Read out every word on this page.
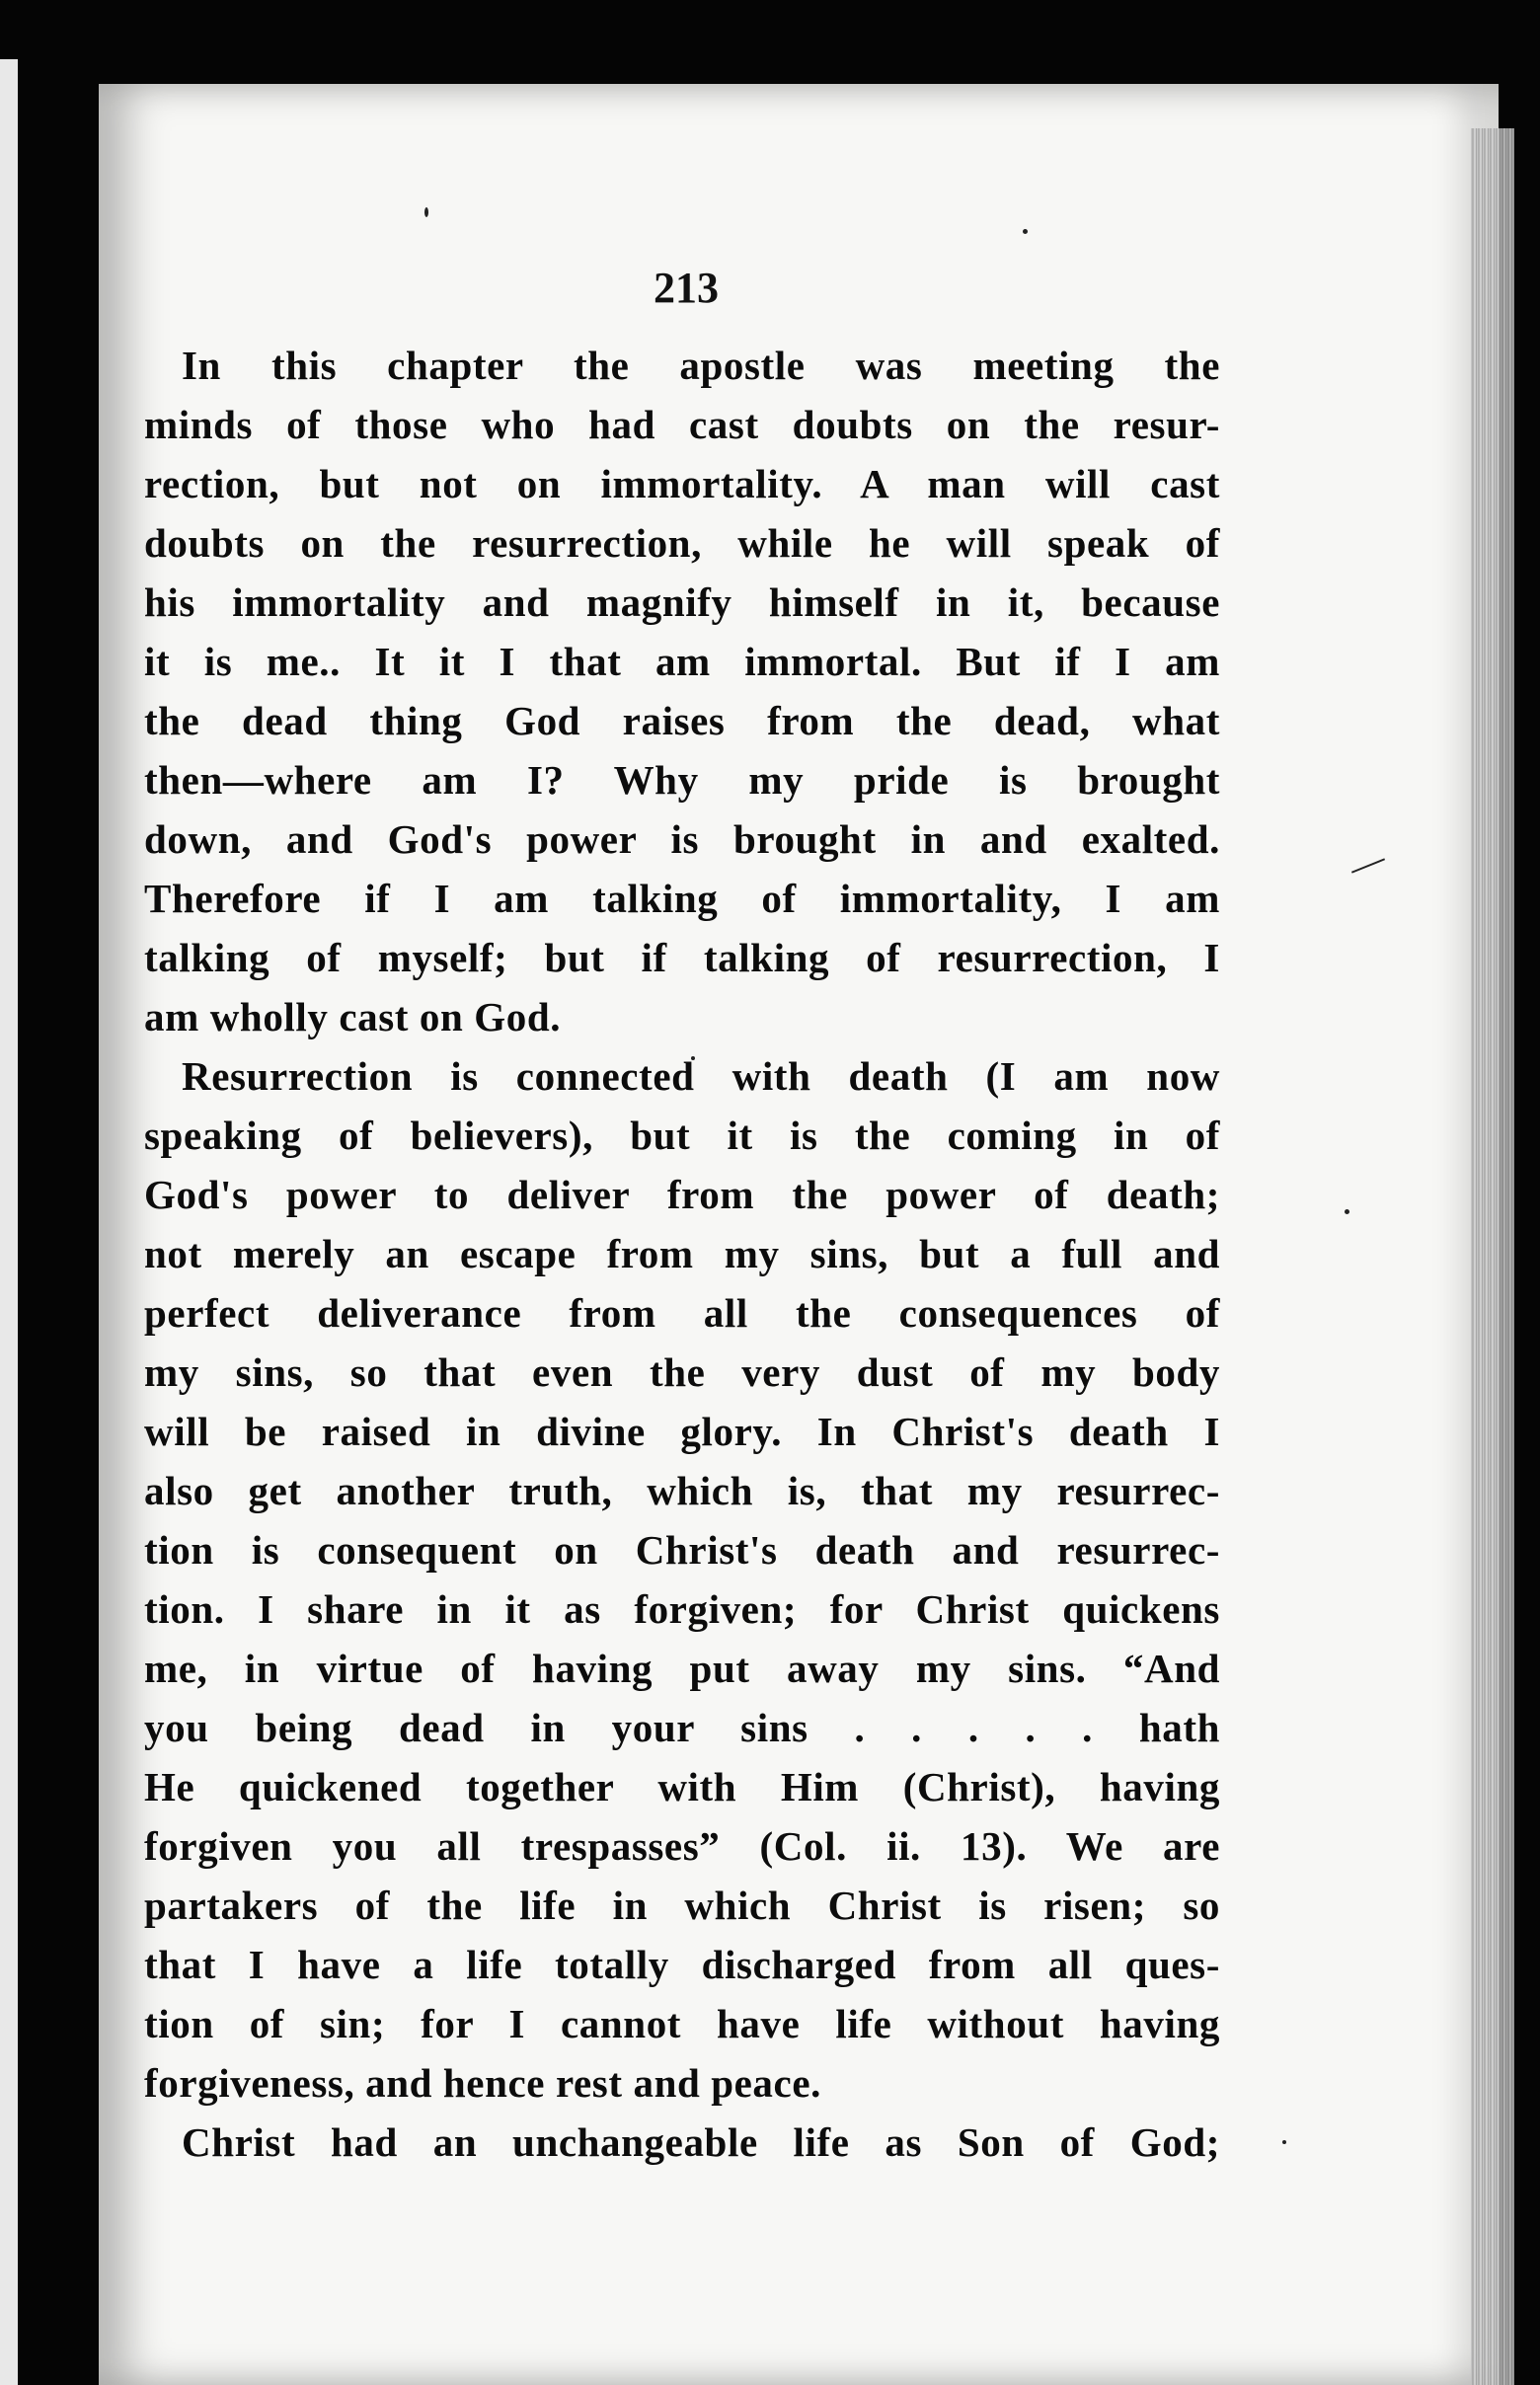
213
In this chapter the apostle was meeting the
minds of those who had cast doubts on the resur-
rection, but not on immortality. A man will cast
doubts on the resurrection, while he will speak of
his immortality and magnify himself in it, because
it is me.. It it I that am immortal. But if I am
the dead thing God raises from the dead, what
then—where am I? Why my pride is brought
down, and God's power is brought in and exalted.
Therefore if I am talking of immortality, I am
talking of myself; but if talking of resurrection, I
am wholly cast on God.
Resurrection is connected with death (I am now
speaking of believers), but it is the coming in of
God's power to deliver from the power of death;
not merely an escape from my sins, but a full and
perfect deliverance from all the consequences of
my sins, so that even the very dust of my body
will be raised in divine glory. In Christ's death I
also get another truth, which is, that my resurrec-
tion is consequent on Christ's death and resurrec-
tion. I share in it as forgiven; for Christ quickens
me, in virtue of having put away my sins. “And
you being dead in your sins . . . . . hath
He quickened together with Him (Christ), having
forgiven you all trespasses” (Col. ii. 13). We are
partakers of the life in which Christ is risen; so
that I have a life totally discharged from all ques-
tion of sin; for I cannot have life without having
forgiveness, and hence rest and peace.
Christ had an unchangeable life as Son of God;
